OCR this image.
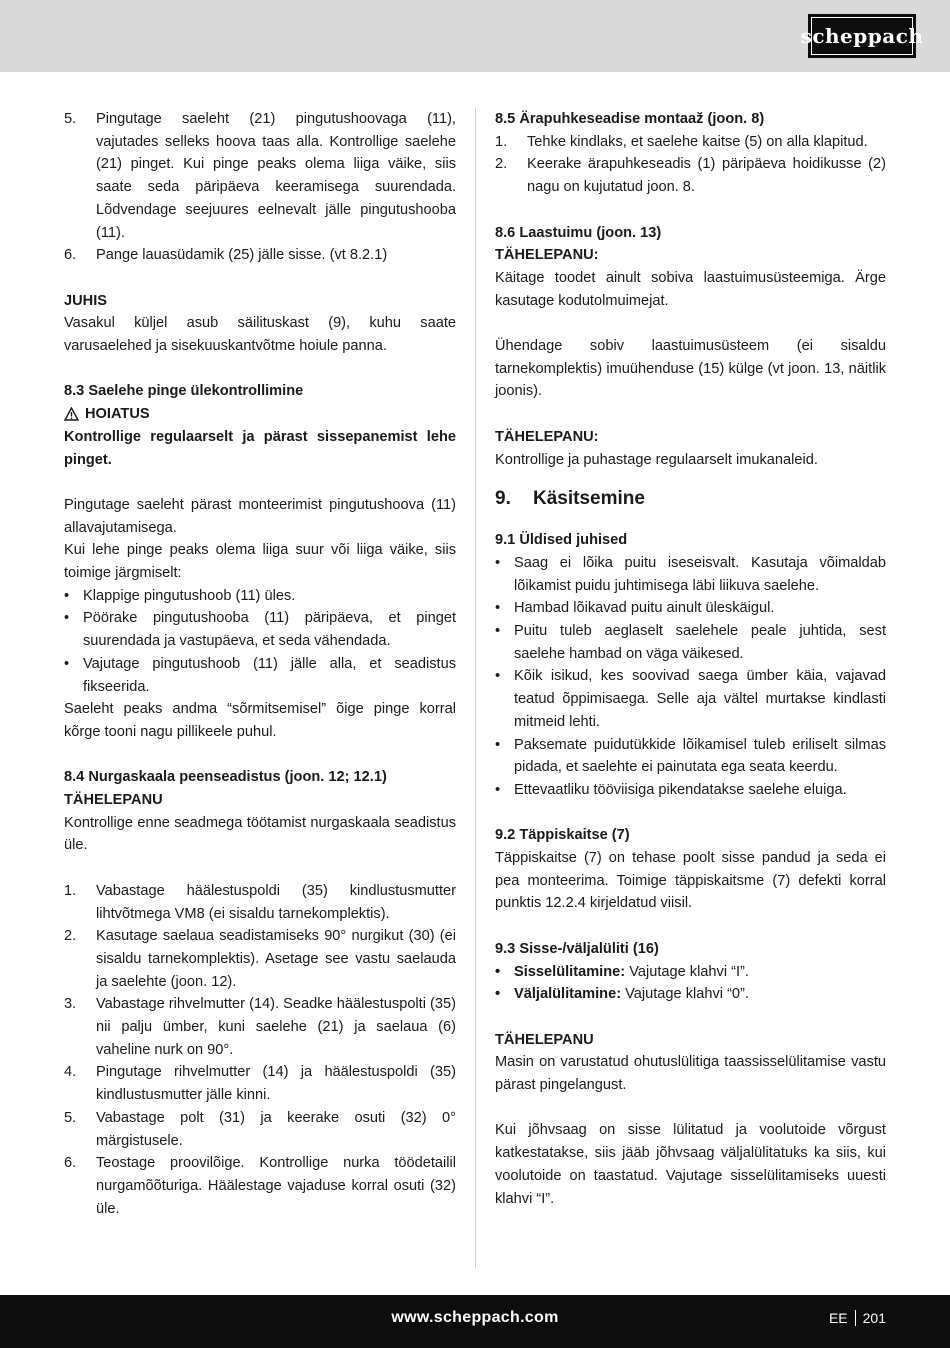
scheppach
5.	Pingutage saeleht (21) pingutushoovaga (11), vajutades selleks hoova taas alla. Kontrollige saelehe (21) pinget. Kui pinge peaks olema liiga väike, siis saate seda päripäeva keeramisega suurendada. Lõdvendage seejuures eelnevalt jälle pingutushooba (11).
6.	Pange lauasüdamik (25) jälle sisse. (vt 8.2.1)

JUHIS

Vasakul küljel asub säilituskast (9), kuhu saate varusaelehed ja sisekuuskantvõtme hoiule panna.

8.3 Saelehe pinge ülekontrollimine

HOIATUS

Kontrollige regulaarselt ja pärast sissepanemist lehe pinget.

Pingutage saeleht pärast monteerimist pingutushoova (11) allavajutamisega.

Kui lehe pinge peaks olema liiga suur või liiga väike, siis toimige järgmiselt:

• Klappige pingutushoob (11) üles.
• Pöörake pingutushooba (11) päripäeva, et pinget suurendada ja vastupäeva, et seda vähendada.
• Vajutage pingutushoob (11) jälle alla, et seadistus fikseerida.

Saeleht peaks andma “sõrmitsemisel” õige pinge korral kõrge tooni nagu pillikeele puhul.

8.4 Nurgaskaala peenseadistus (joon. 12; 12.1)

TÄHELEPANU

Kontrollige enne seadmega töötamist nurgaskaala seadistus üle.

1.	Vabastage häälestuspoldi (35) kindlustusmutter lihtvõtmega VM8 (ei sisaldu tarnekomplektis).
2.	Kasutage saelaua seadistamiseks 90° nurgikut (30) (ei sisaldu tarnekomplektis). Asetage see vastu saelauda ja saelehte (joon. 12).
3.	Vabastage rihvelmutter (14). Seadke häälestuspolti (35) nii palju ümber, kuni saelehe (21) ja saelaua (6) vaheline nurk on 90°.
4.	Pingutage rihvelmutter (14) ja häälestuspoldi (35) kindlustusmutter jälle kinni.
5.	Vabastage polt (31) ja keerake osuti (32) 0° märgistusele.
6.	Teostage proovilõige. Kontrollige nurka töödetailil nurgamõõturiga. Häälestage vajaduse korral osuti (32) üle.

8.5 Ärapuhkeseadise montaaž (joon. 8)

1.	Tehke kindlaks, et saelehe kaitse (5) on alla klapitud.
2.	Keerake ärapuhkeseadis (1) päripäeva hoidikusse (2) nagu on kujutatud joon. 8.

8.6 Laastuimu (joon. 13)

TÄHELEPANU:

Käitage toodet ainult sobiva laastuimusüsteemiga. Ärge kasutage kodutolmuimejat.

Ühendage sobiv laastuimusüsteem (ei sisaldu tarnekomplektis) imuühenduse (15) külge (vt joon. 13, näitlik joonis).

TÄHELEPANU:

Kontrollige ja puhastage regulaarselt imukanaleid.

9.	Käsitsemine

9.1 Üldised juhised

• Saag ei lõika puitu iseseisvalt. Kasutaja võimaldab lõikamist puidu juhtimisega läbi liikuva saelehe.
• Hambad lõikavad puitu ainult üleskäigul.
• Puitu tuleb aeglaselt saelehele peale juhtida, sest saelehe hambad on väga väikesed.
• Kõik isikud, kes soovivad saega ümber käia, vajavad teatud õppimisaega. Selle aja vältel murtakse kindlasti mitmeid lehti.
• Paksemate puidutükkide lõikamisel tuleb eriliselt silmas pidada, et saelehte ei painutata ega seata keerdu.
• Ettevaatliku tööviisiga pikendatakse saelehe eluiga.

9.2 Täppiskaitse (7)

Täppiskaitse (7) on tehase poolt sisse pandud ja seda ei pea monteerima. Toimige täppiskaitsme (7) defekti korral punktis 12.2.4 kirjeldatud viisil.

9.3 Sisse-/väljalüliti (16)

• Sisselülitamine: Vajutage klahvi “I”.
• Väljalülitamine: Vajutage klahvi “0”.

TÄHELEPANU

Masin on varustatud ohutuslülitiga taassisselülitamise vastu pärast pingelangust.

Kui jõhvsaag on sisse lülitatud ja voolutoide võrgust katkestatakse, siis jääb jõhvsaag väljalülitatuks ka siis, kui voolutoide on taastatud. Vajutage sisselülitamiseks uuesti klahvi “I”.

www.scheppach.com	EE 201
